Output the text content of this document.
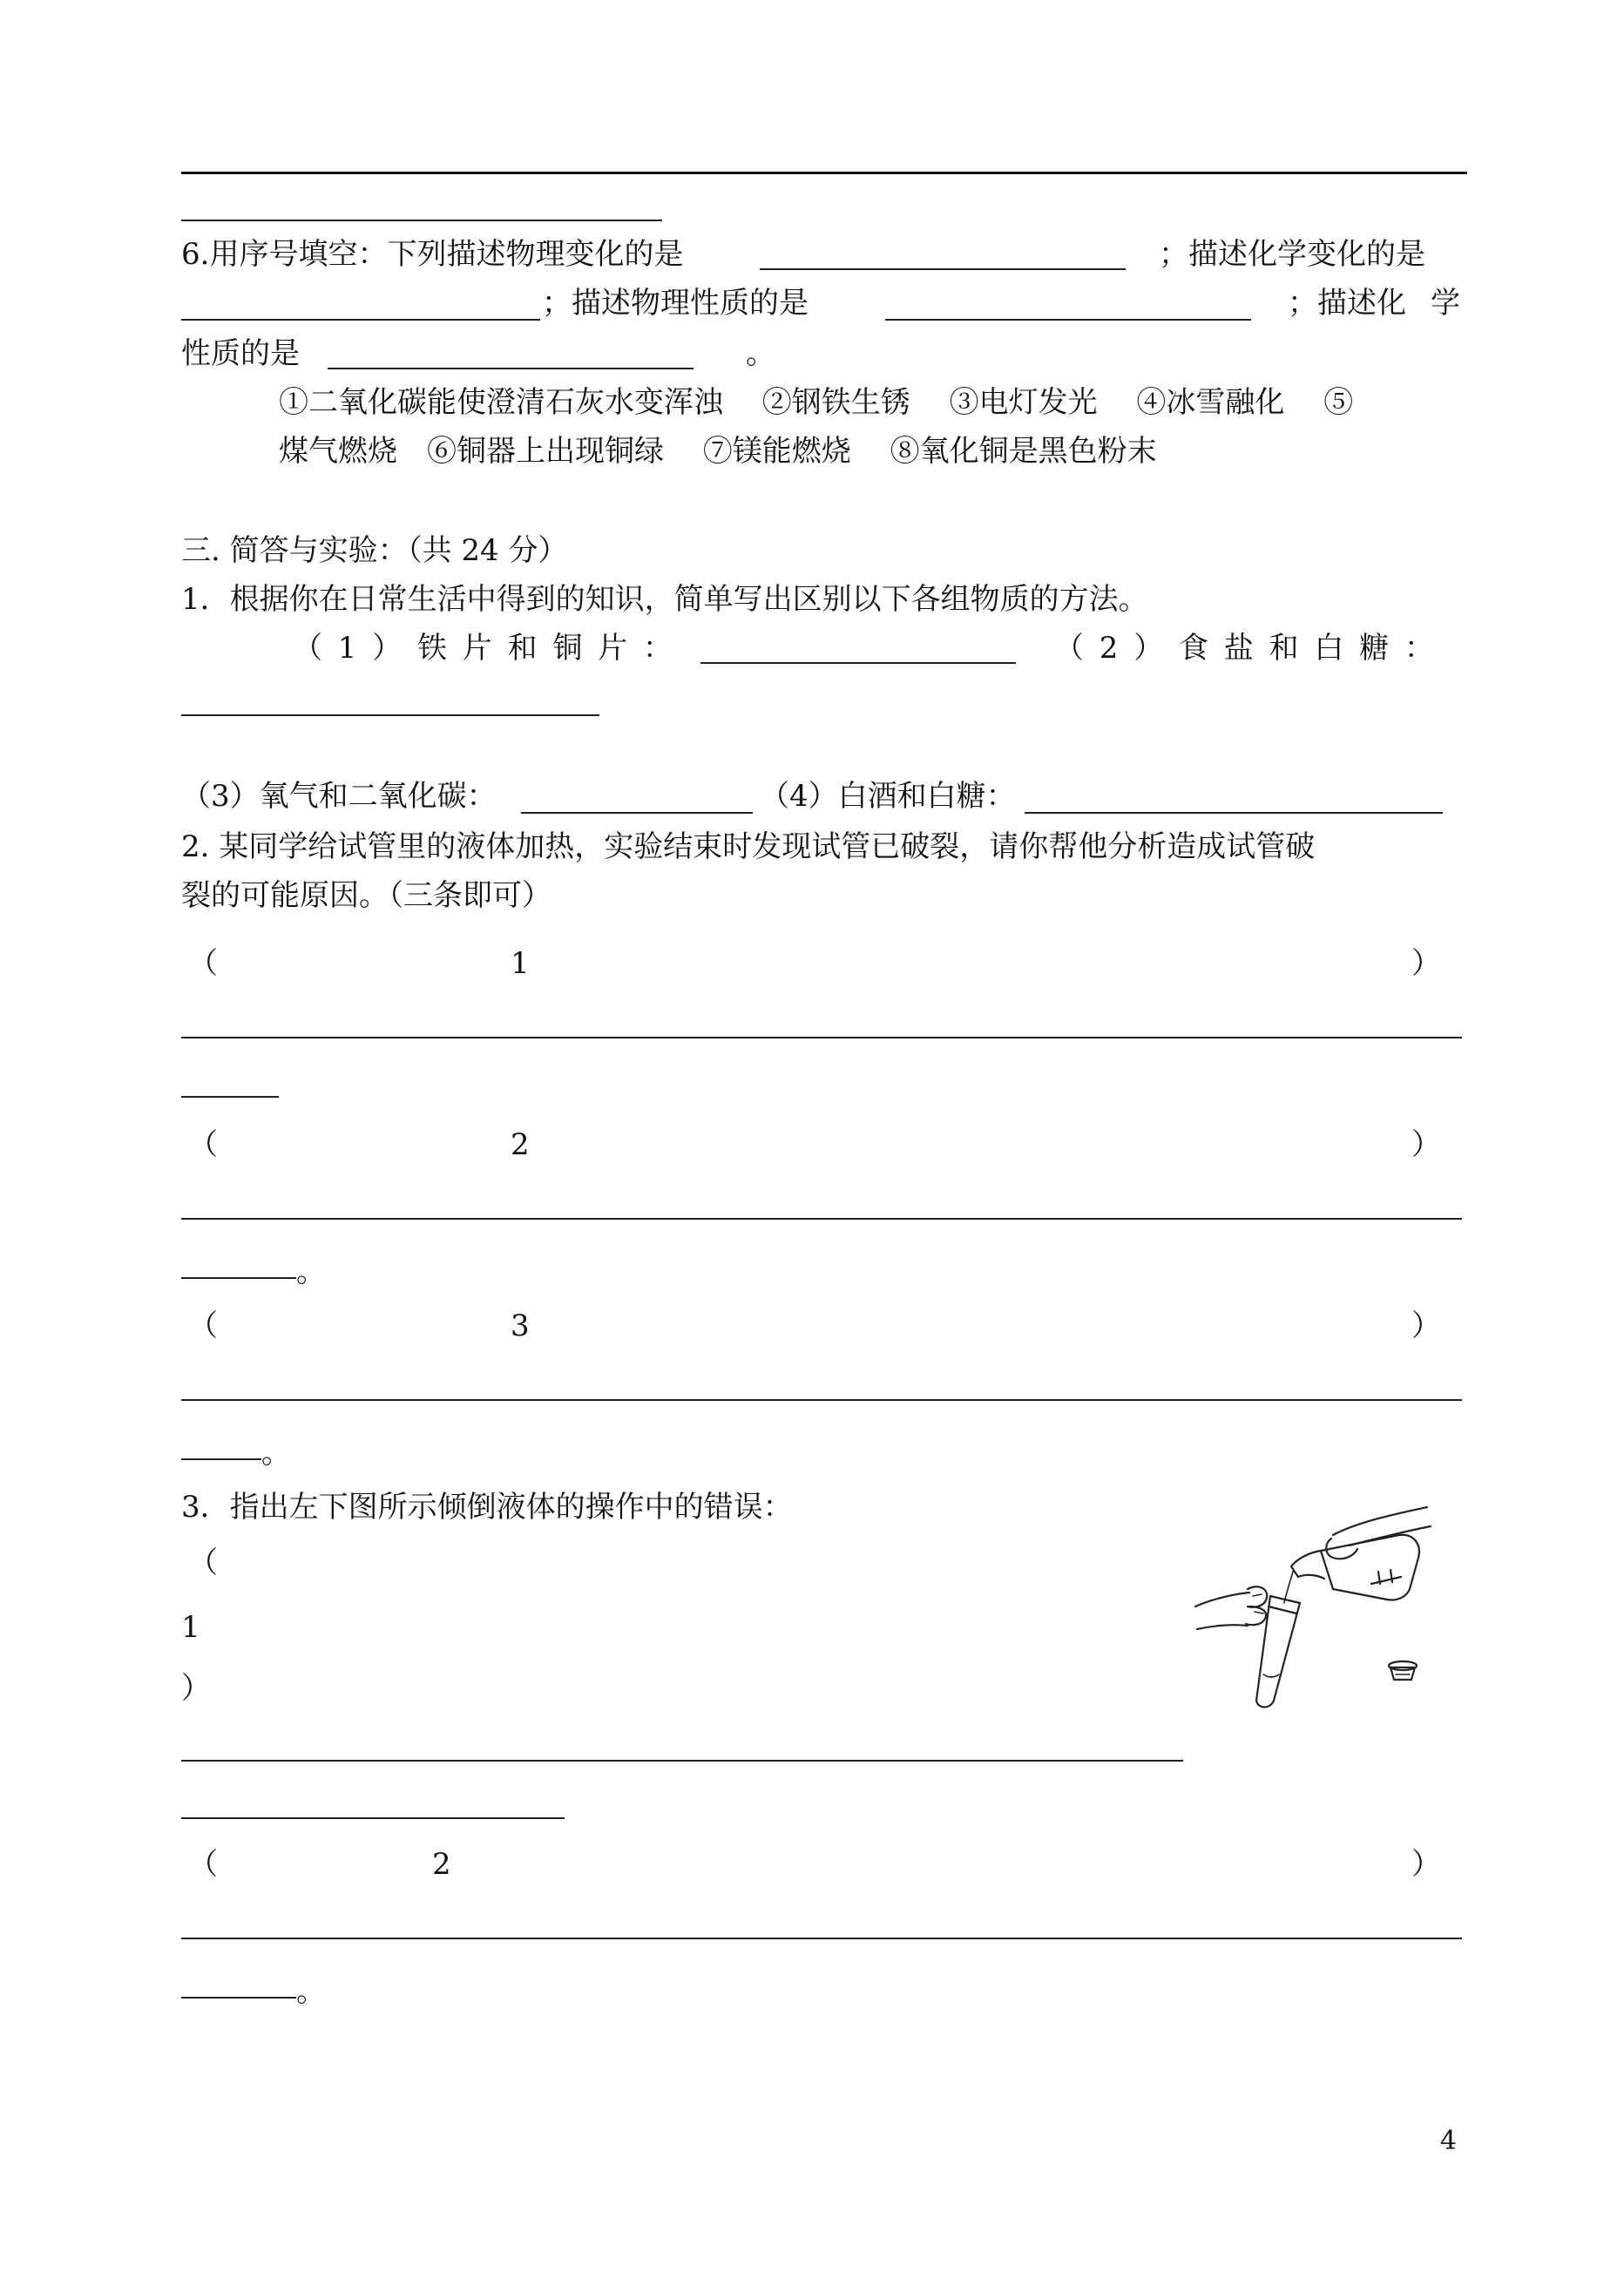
6.用序号填空：下列描述物理变化的是	；描述化学变化的是
；描述物理性质的是	；描述化 学
性质的是	。
①二氧化碳能使澄清石灰水变浑浊　 ②钢铁生锈　 ③电灯发光　 ④冰雪融化　 ⑤
煤气燃烧　⑥铜器上出现铜绿　 ⑦镁能燃烧　 ⑧氧化铜是黑色粉末
三. 简答与实验：（共 24 分）
1．根据你在日常生活中得到的知识，简单写出区别以下各组物质的方法。
（ 1 ） 铁 片 和 铜 片 ：	（ 2 ） 食 盐 和 白 糖 ：
（3）氧气和二氧化碳：	（4）白酒和白糖：
2. 某同学给试管里的液体加热，实验结束时发现试管已破裂，请你帮他分析造成试管破
裂的可能原因。（三条即可）
（	1	）
（	2	）
。
（	3	）
。
3．指出左下图所示倾倒液体的操作中的错误：
（
1
）
（	2	）
。
4
